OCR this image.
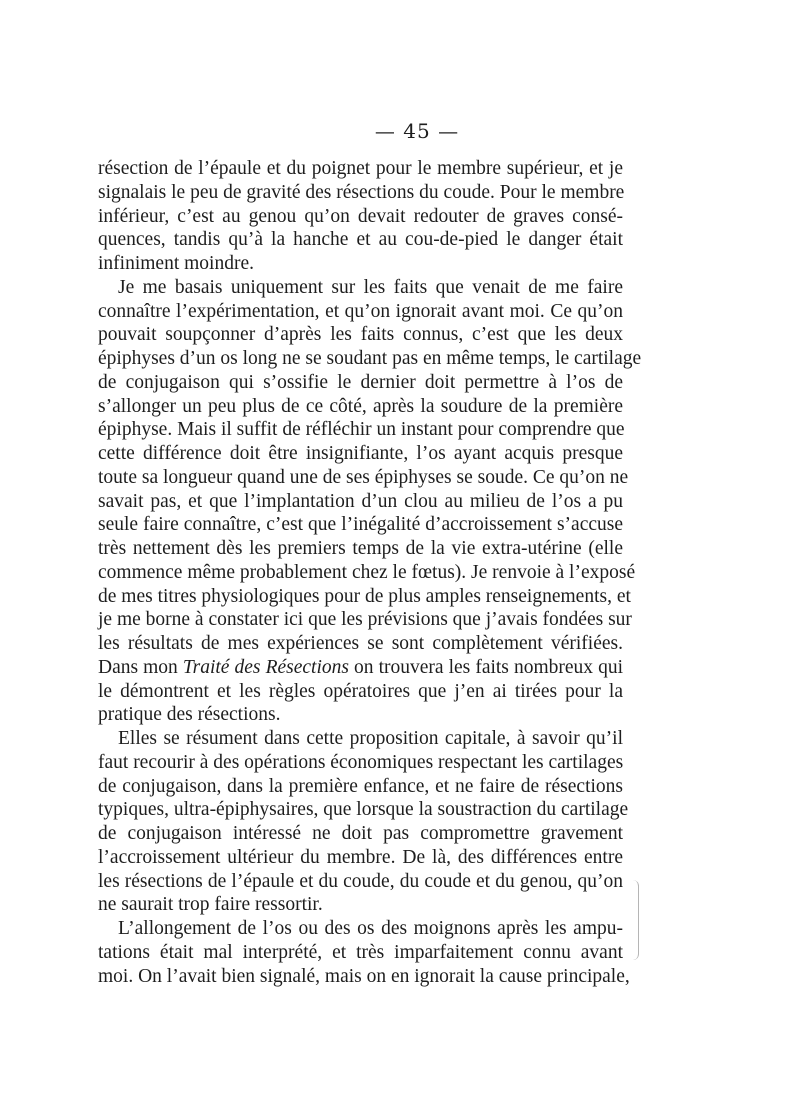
— 45 —

résection de l’épaule et du poignet pour le membre supérieur, et je
signalais le peu de gravité des résections du coude. Pour le membre
inférieur, c’est au genou qu’on devait redouter de graves consé-
quences, tandis qu’à la hanche et au cou-de-pied le danger était
infiniment moindre.

Je me basais uniquement sur les faits que venait de me faire
connaître l’expérimentation, et qu’on ignorait avant moi. Ce qu’on
pouvait soupçonner d’après les faits connus, c’est que les deux
épiphyses d’un os long ne se soudant pas en même temps, le cartilage
de conjugaison qui s’ossifie le dernier doit permettre à l’os de
s’allonger un peu plus de ce côté, après la soudure de la première
épiphyse. Mais il suffit de réfléchir un instant pour comprendre que
cette différence doit être insignifiante, l’os ayant acquis presque
toute sa longueur quand une de ses épiphyses se soude. Ce qu’on ne
savait pas, et que l’implantation d’un clou au milieu de l’os a pu
seule faire connaître, c’est que l’inégalité d’accroissement s’accuse
très nettement dès les premiers temps de la vie extra-utérine (elle
commence même probablement chez le fœtus). Je renvoie à l’exposé
de mes titres physiologiques pour de plus amples renseignements, et
je me borne à constater ici que les prévisions que j’avais fondées sur
les résultats de mes expériences se sont complètement vérifiées.
Dans mon Traité des Résections on trouvera les faits nombreux qui
le démontrent et les règles opératoires que j’en ai tirées pour la
pratique des résections.

Elles se résument dans cette proposition capitale, à savoir qu’il
faut recourir à des opérations économiques respectant les cartilages
de conjugaison, dans la première enfance, et ne faire de résections
typiques, ultra-épiphysaires, que lorsque la soustraction du cartilage
de conjugaison intéressé ne doit pas compromettre gravement
l’accroissement ultérieur du membre. De là, des différences entre
les résections de l’épaule et du coude, du coude et du genou, qu’on
ne saurait trop faire ressortir.

L’allongement de l’os ou des os des moignons après les ampu-
tations était mal interprété, et très imparfaitement connu avant
moi. On l’avait bien signalé, mais on en ignorait la cause principale,
